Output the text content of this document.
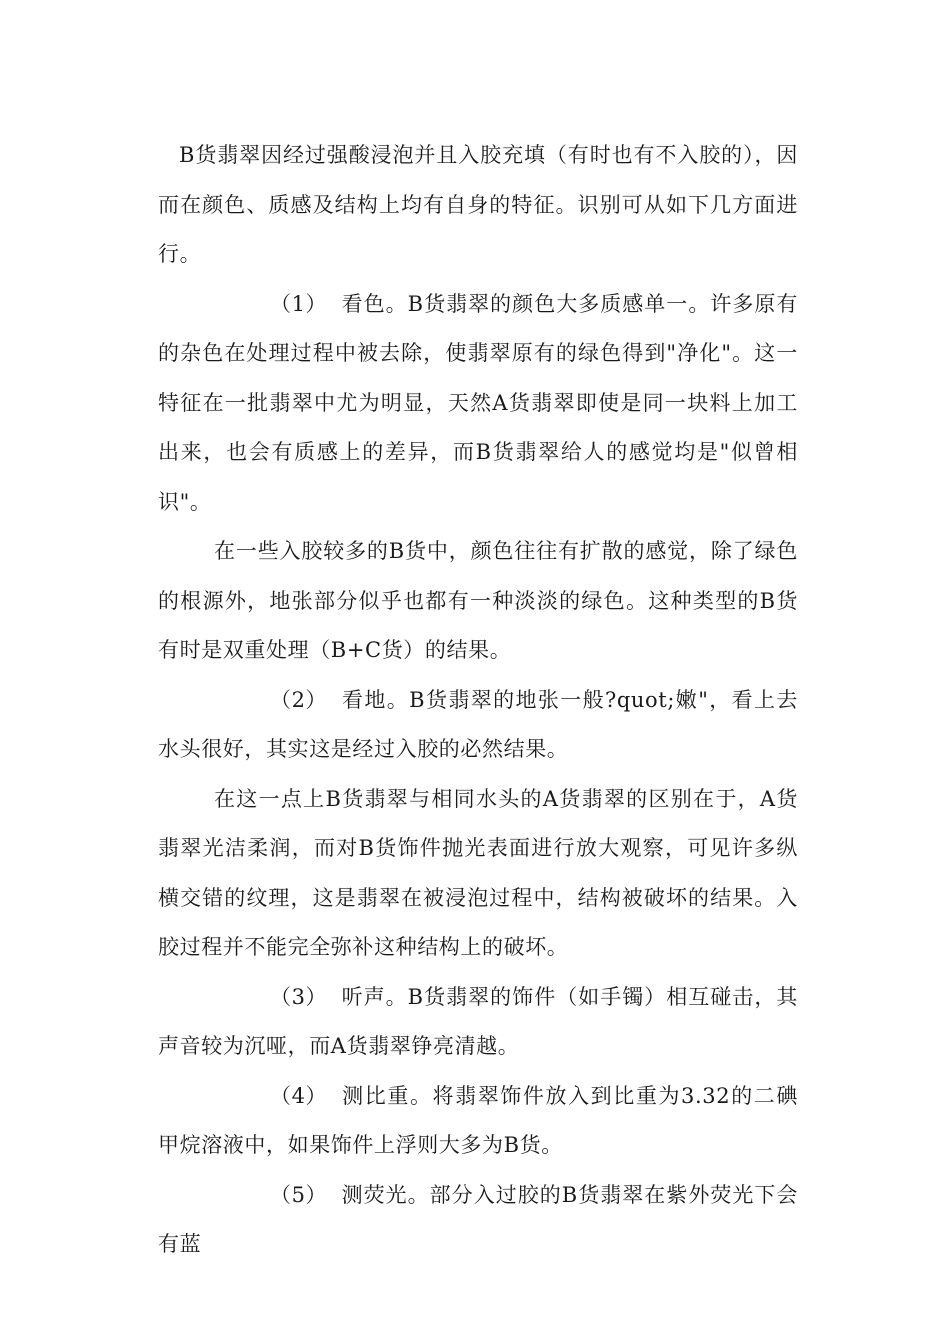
B货翡翠因经过强酸浸泡并且入胶充填（有时也有不入胶的），因而在颜色、质感及结构上均有自身的特征。识别可从如下几方面进行。

（1） 看色。B货翡翠的颜色大多质感单一。许多原有的杂色在处理过程中被去除，使翡翠原有的绿色得到"净化"。这一特征在一批翡翠中尤为明显，天然A货翡翠即使是同一块料上加工出来，也会有质感上的差异，而B货翡翠给人的感觉均是"似曾相识"。

在一些入胶较多的B货中，颜色往往有扩散的感觉，除了绿色的根源外，地张部分似乎也都有一种淡淡的绿色。这种类型的B货有时是双重处理（B+C货）的结果。

（2） 看地。B货翡翠的地张一般?quot;嫩"，看上去水头很好，其实这是经过入胶的必然结果。

在这一点上B货翡翠与相同水头的A货翡翠的区别在于，A货翡翠光洁柔润，而对B货饰件抛光表面进行放大观察，可见许多纵横交错的纹理，这是翡翠在被浸泡过程中，结构被破坏的结果。入胶过程并不能完全弥补这种结构上的破坏。

（3） 听声。B货翡翠的饰件（如手镯）相互碰击，其声音较为沉哑，而A货翡翠铮亮清越。

（4） 测比重。将翡翠饰件放入到比重为3.32的二碘甲烷溶液中，如果饰件上浮则大多为B货。

（5） 测荧光。部分入过胶的B货翡翠在紫外荧光下会有蓝
